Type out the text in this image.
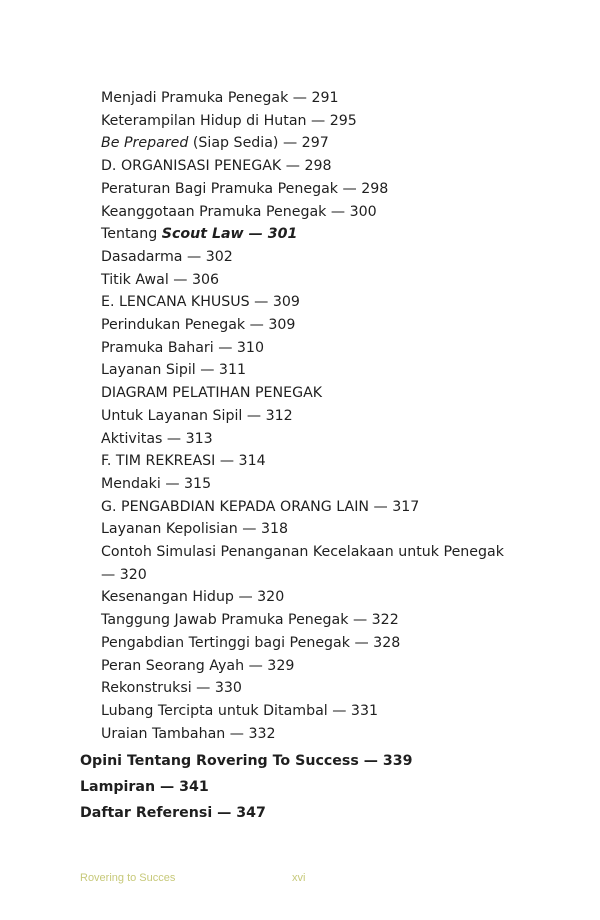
Menjadi Pramuka Penegak — 291
Keterampilan Hidup di Hutan — 295
Be Prepared (Siap Sedia) — 297
D. ORGANISASI PENEGAK — 298
Peraturan Bagi Pramuka Penegak — 298
Keanggotaan Pramuka Penegak — 300
Tentang Scout Law — 301
Dasadarma — 302
Titik Awal — 306
E. LENCANA KHUSUS — 309
Perindukan Penegak — 309
Pramuka Bahari — 310
Layanan Sipil — 311
DIAGRAM PELATIHAN PENEGAK
Untuk Layanan Sipil — 312
Aktivitas — 313
F. TIM REKREASI — 314
Mendaki — 315
G. PENGABDIAN KEPADA ORANG LAIN — 317
Layanan Kepolisian — 318
Contoh Simulasi Penanganan Kecelakaan untuk Penegak
— 320
Kesenangan Hidup — 320
Tanggung Jawab Pramuka Penegak — 322
Pengabdian Tertinggi bagi Penegak — 328
Peran Seorang Ayah — 329
Rekonstruksi — 330
Lubang Tercipta untuk Ditambal — 331
Uraian Tambahan — 332
Opini Tentang Rovering To Success — 339
Lampiran — 341
Daftar Referensi — 347
Rovering to Succes	xvi
